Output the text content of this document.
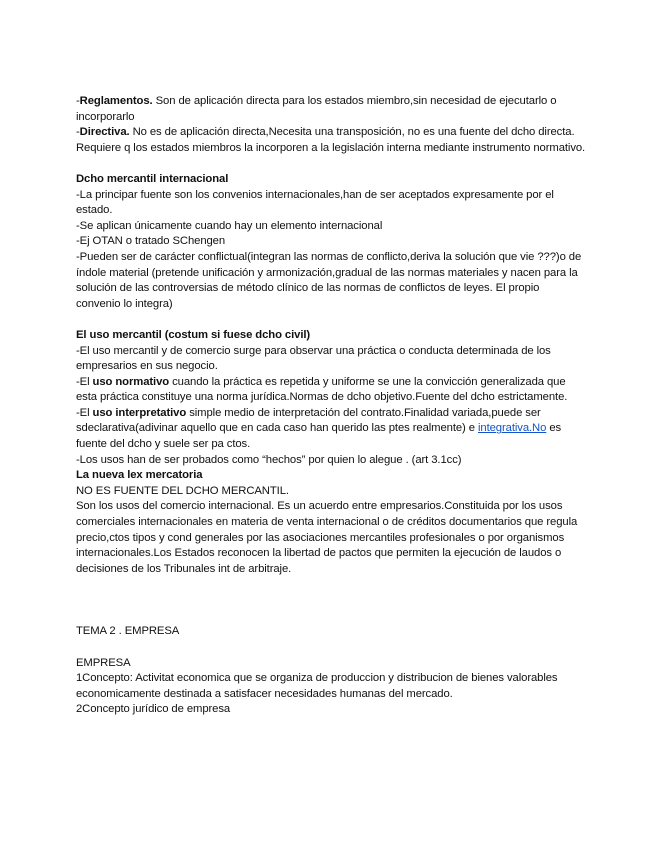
-Reglamentos. Son de aplicación directa para los estados miembro,sin necesidad de ejecutarlo o incorporarlo

-Directiva. No es de aplicación directa,Necesita una transposición, no es una fuente del dcho directa. Requiere q los estados miembros la incorporen a la legislación interna mediante instrumento normativo.

Dcho mercantil internacional

-La principar fuente son los convenios internacionales,han de ser aceptados expresamente por el estado.

-Se aplican únicamente cuando hay un elemento internacional

-Ej OTAN o tratado SChengen

-Pueden ser de carácter conflictual(integran las normas de conflicto,deriva la solución que vie ???)o de índole material (pretende unificación y armonización,gradual de las normas materiales y nacen para la solución de las controversias de método clínico de las normas de conflictos de leyes. El propio convenio lo integra)

El uso mercantil (costum si fuese dcho civil)

-El uso mercantil y de comercio surge para observar una práctica o conducta determinada de los empresarios en sus negocio.

-El uso normativo cuando la práctica es repetida y uniforme se une la convicción generalizada que esta práctica constituye una norma jurídica.Normas de dcho objetivo.Fuente del dcho estrictamente.

-El uso interpretativo simple medio de interpretación del contrato.Finalidad variada,puede ser sdeclarativa(adivinar aquello que en cada caso han querido las ptes realmente) e integrativa.No es fuente del dcho y suele ser pa ctos.

-Los usos han de ser probados como “hechos” por quien lo alegue . (art 3.1cc)

La nueva lex mercatoria

NO ES FUENTE DEL DCHO MERCANTIL.

Son los usos del comercio internacional. Es un acuerdo entre empresarios.Constituida por los usos comerciales internacionales en materia de venta internacional o de créditos documentarios que regula precio,ctos tipos y cond generales por las asociaciones mercantiles profesionales o por organismos internacionales.Los Estados reconocen la libertad de pactos que permiten la ejecución de laudos o decisiones de los Tribunales int de arbitraje.

TEMA 2 . EMPRESA

EMPRESA

1Concepto: Activitat economica que se organiza de produccion y distribucion de bienes valorables economicamente destinada a satisfacer necesidades humanas del mercado.

2Concepto jurídico de empresa
